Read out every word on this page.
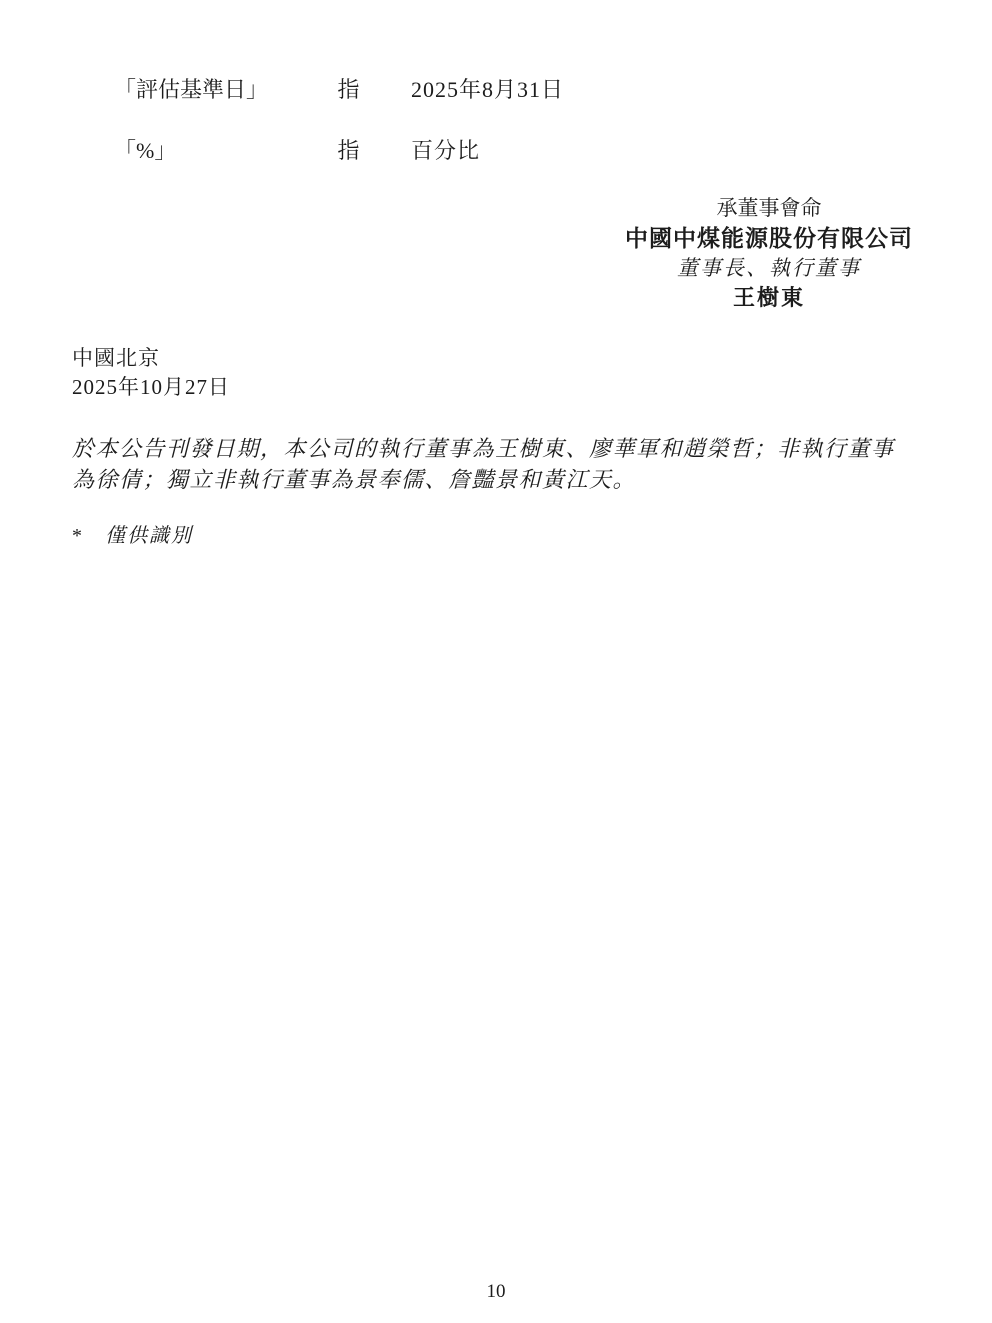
「評估基準日」	指 2025年8月31日
「%」	指 百分比
承董事會命
中國中煤能源股份有限公司
董事長、執行董事
王樹東
中國北京
2025年10月27日
於本公告刊發日期，本公司的執行董事為王樹東、廖華軍和趙榮哲；非執行董事
為徐倩；獨立非執行董事為景奉儒、詹豔景和黃江天。
* 僅供識別
10
